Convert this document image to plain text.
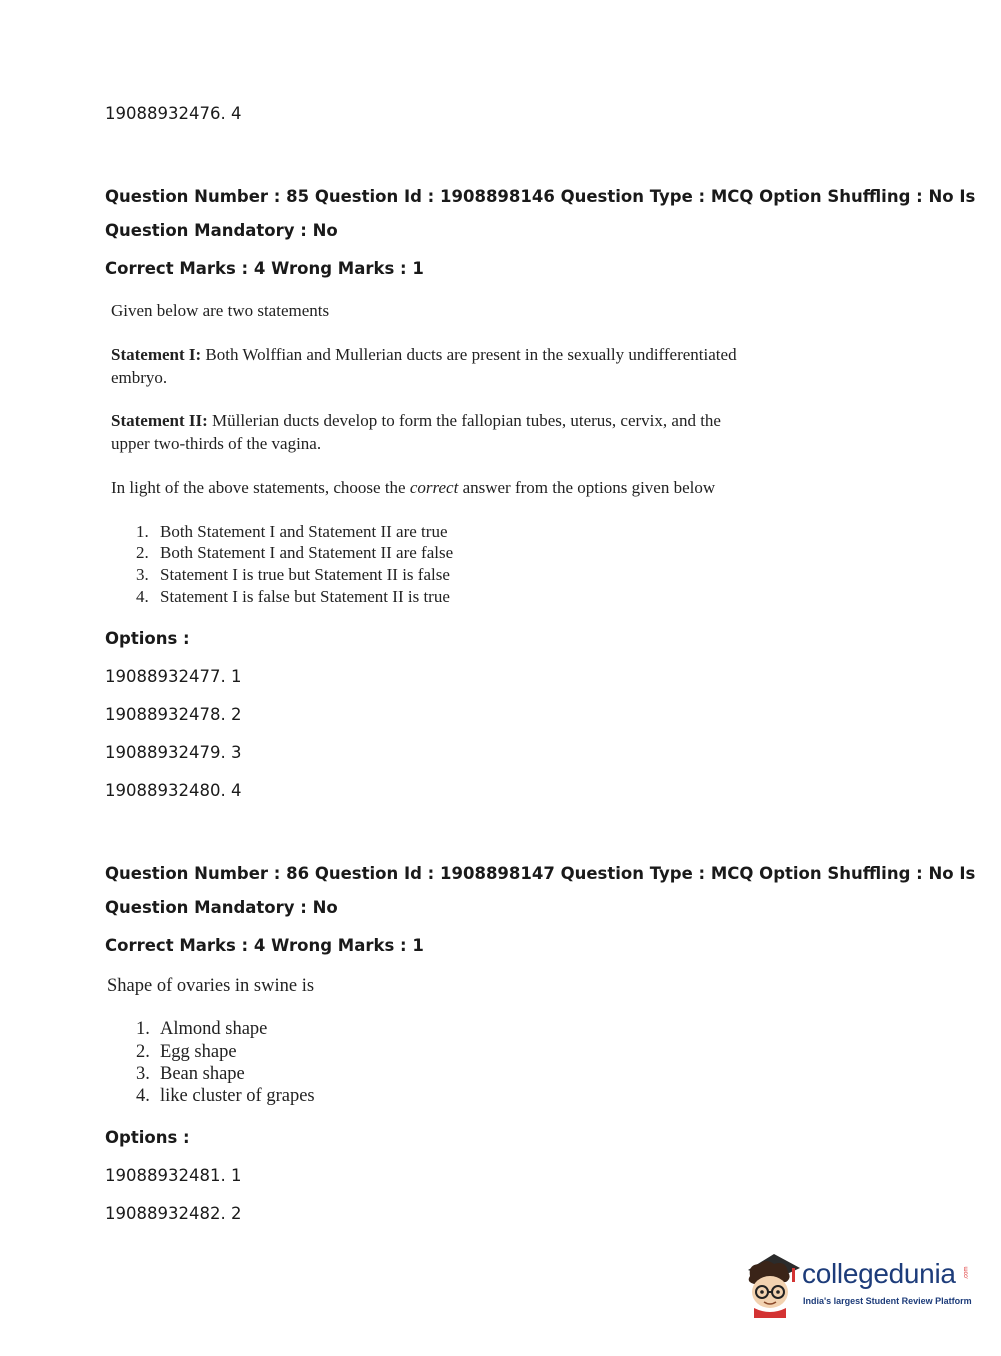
19088932476. 4
Question Number : 85 Question Id : 1908898146 Question Type : MCQ Option Shuffling : No Is
Question Mandatory : No
Correct Marks : 4 Wrong Marks : 1
Given below are two statements
Statement I: Both Wolffian and Mullerian ducts are present in the sexually undifferentiated
embryo.
Statement II: Müllerian ducts develop to form the fallopian tubes, uterus, cervix, and the
upper two-thirds of the vagina.
In light of the above statements, choose the correct answer from the options given below
1. Both Statement I and Statement II are true
2. Both Statement I and Statement II are false
3. Statement I is true but Statement II is false
4. Statement I is false but Statement II is true
Options :
19088932477. 1
19088932478. 2
19088932479. 3
19088932480. 4
Question Number : 86 Question Id : 1908898147 Question Type : MCQ Option Shuffling : No Is
Question Mandatory : No
Correct Marks : 4 Wrong Marks : 1
Shape of ovaries in swine is
1. Almond shape
2. Egg shape
3. Bean shape
4. like cluster of grapes
Options :
19088932481. 1
19088932482. 2
collegedunia .com
India's largest Student Review Platform
